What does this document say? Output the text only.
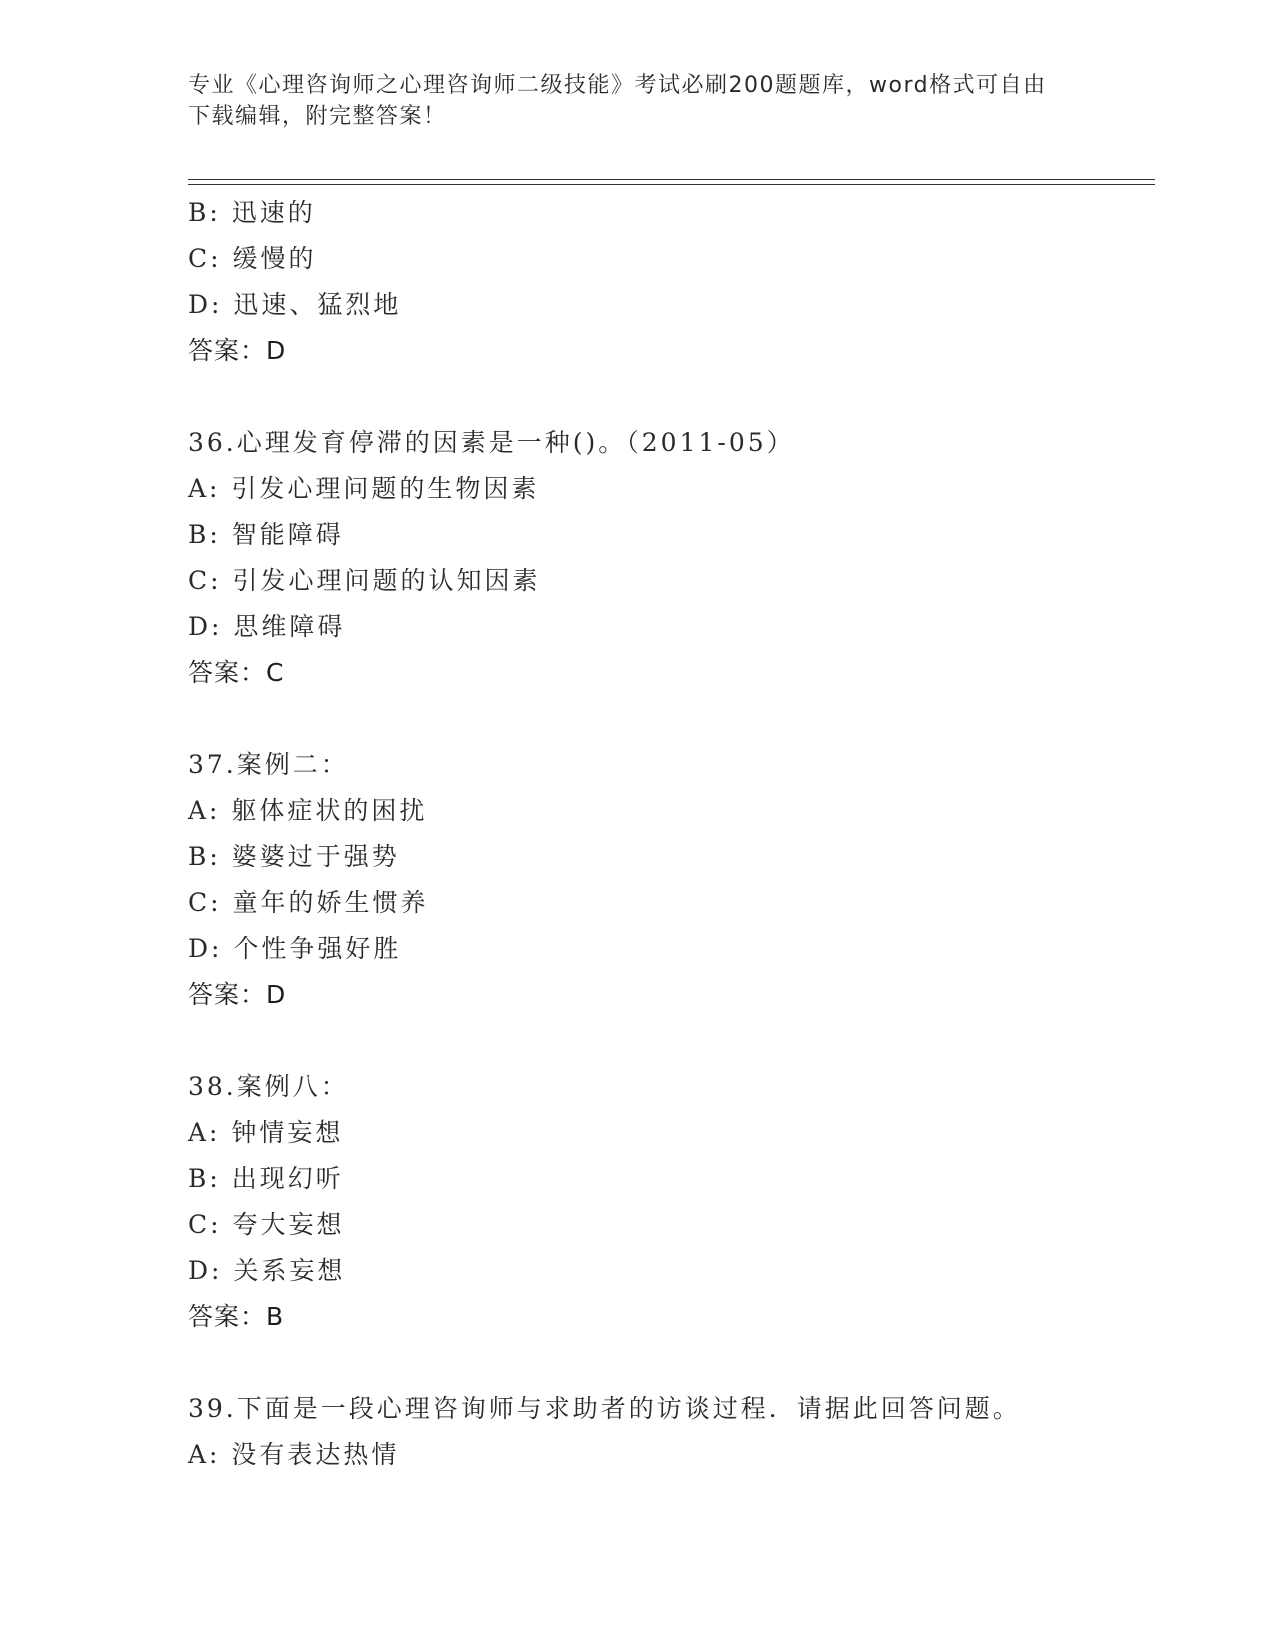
专业《心理咨询师之心理咨询师二级技能》考试必刷200题题库，word格式可自由下载编辑，附完整答案！
B: 迅速的
C: 缓慢的
D: 迅速、猛烈地
答案：D
36.心理发育停滞的因素是一种()。（2011-05）
A: 引发心理问题的生物因素
B: 智能障碍
C: 引发心理问题的认知因素
D: 思维障碍
答案：C
37.案例二：
A: 躯体症状的困扰
B: 婆婆过于强势
C: 童年的娇生惯养
D: 个性争强好胜
答案：D
38.案例八：
A: 钟情妄想
B: 出现幻听
C: 夸大妄想
D: 关系妄想
答案：B
39.下面是一段心理咨询师与求助者的访谈过程．请据此回答问题。
A: 没有表达热情
